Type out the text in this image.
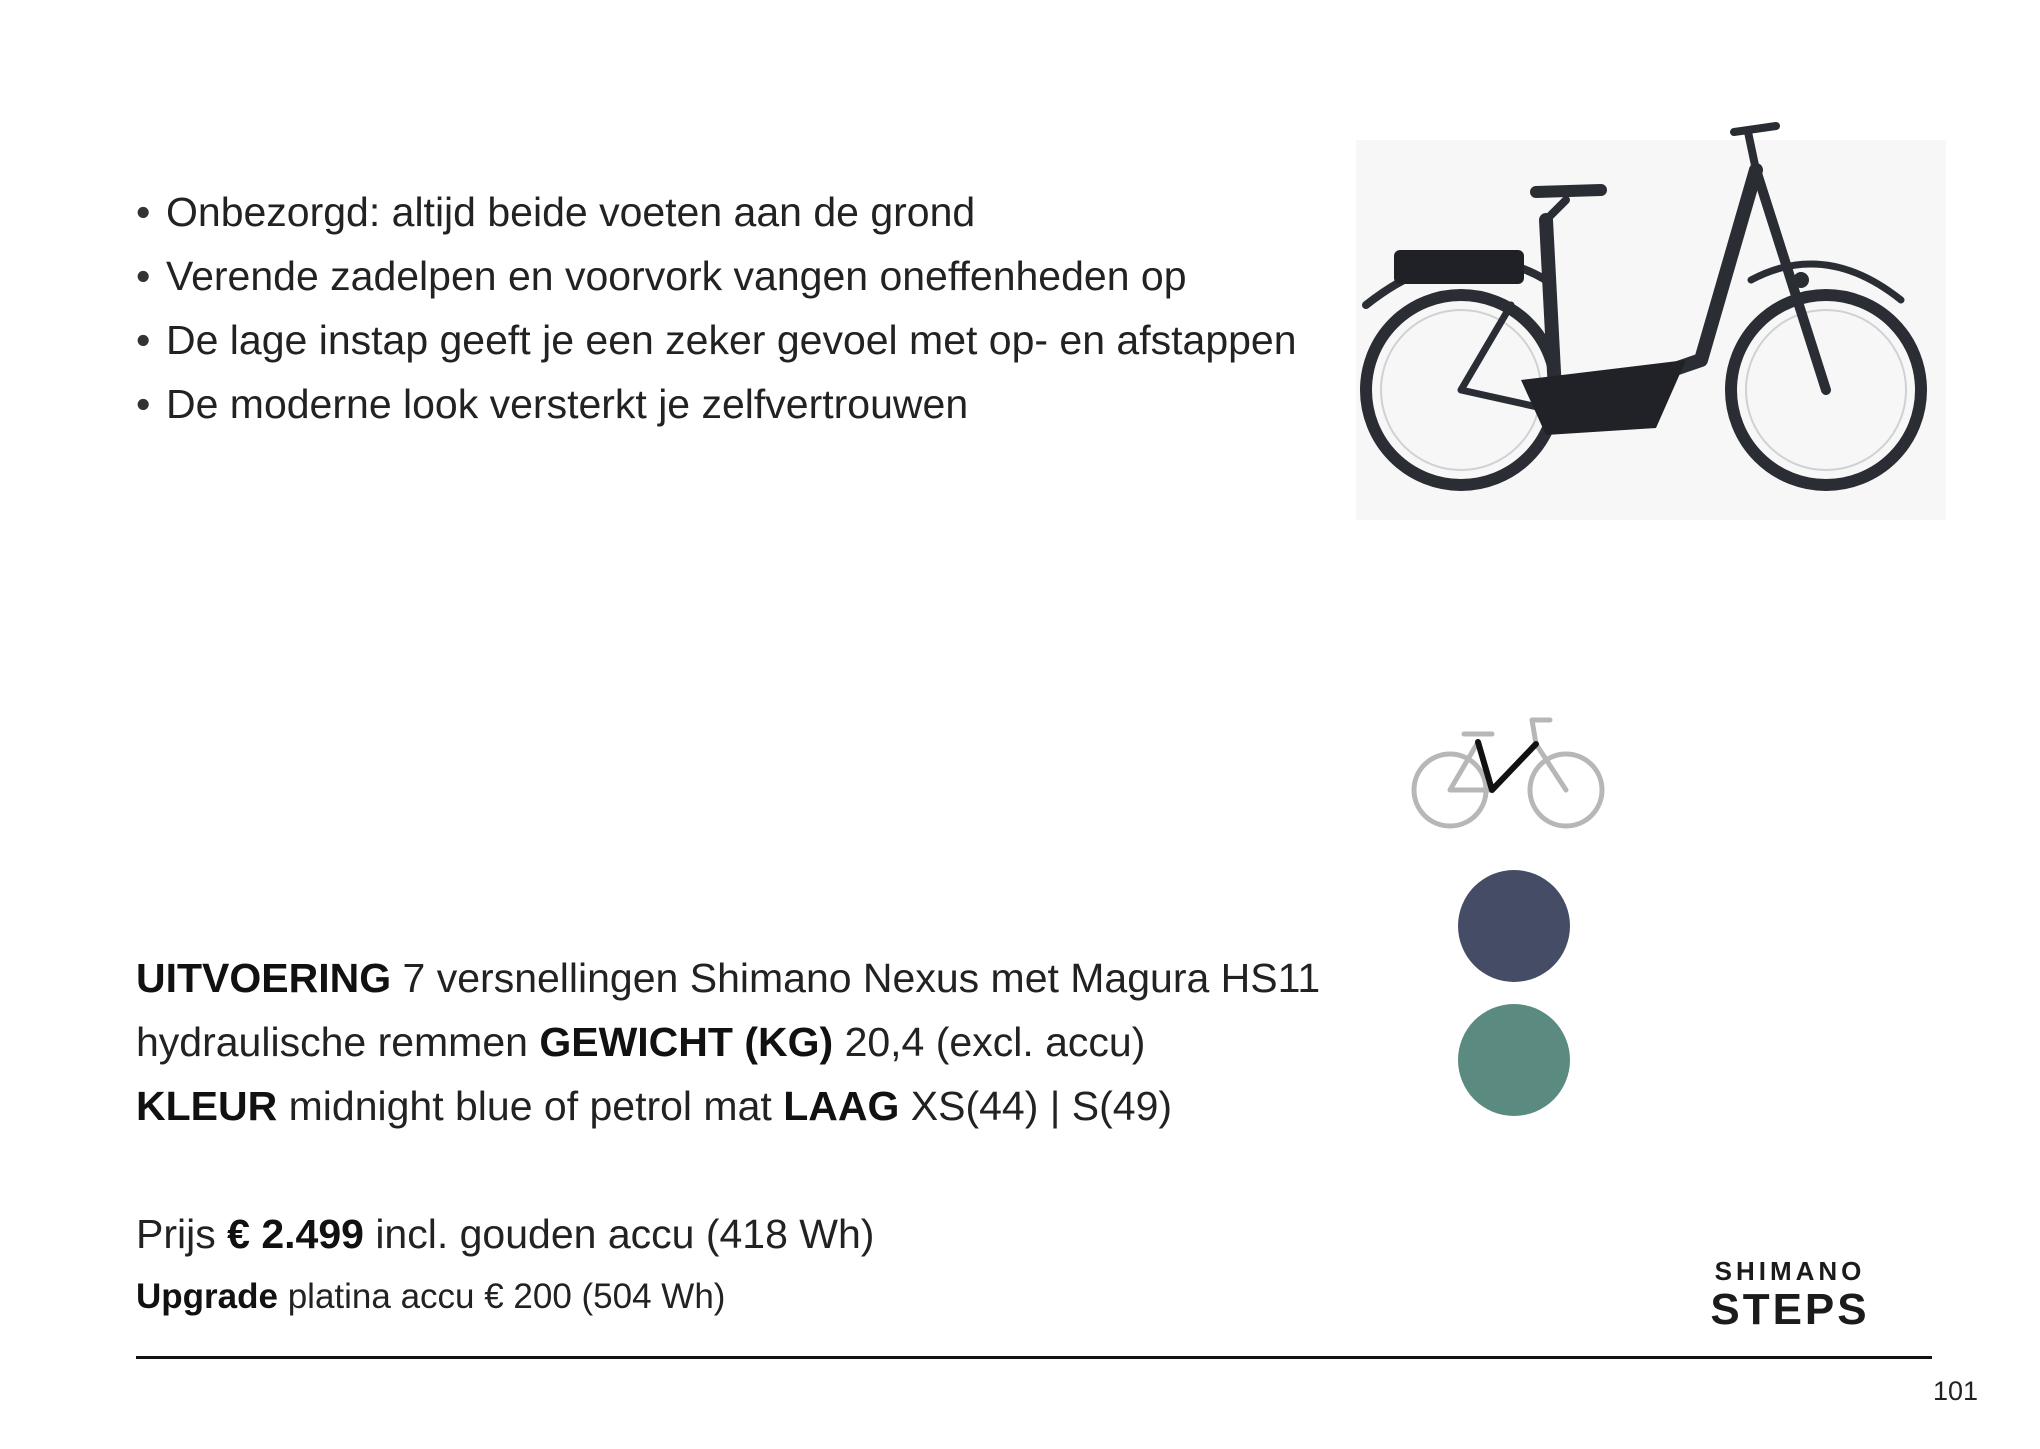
• Onbezorgd: altijd beide voeten aan de grond
• Verende zadelpen en voorvork vangen oneffenheden op
• De lage instap geeft je een zeker gevoel met op- en afstappen
• De moderne look versterkt je zelfvertrouwen
UITVOERING 7 versnellingen Shimano Nexus met Magura HS11 hydraulische remmen GEWICHT (KG) 20,4 (excl. accu)
KLEUR midnight blue of petrol mat LAAG XS(44) | S(49)
Prijs € 2.499 incl. gouden accu (418 Wh)
Upgrade platina accu € 200 (504 Wh)
SHIMANO
STEPS
101
